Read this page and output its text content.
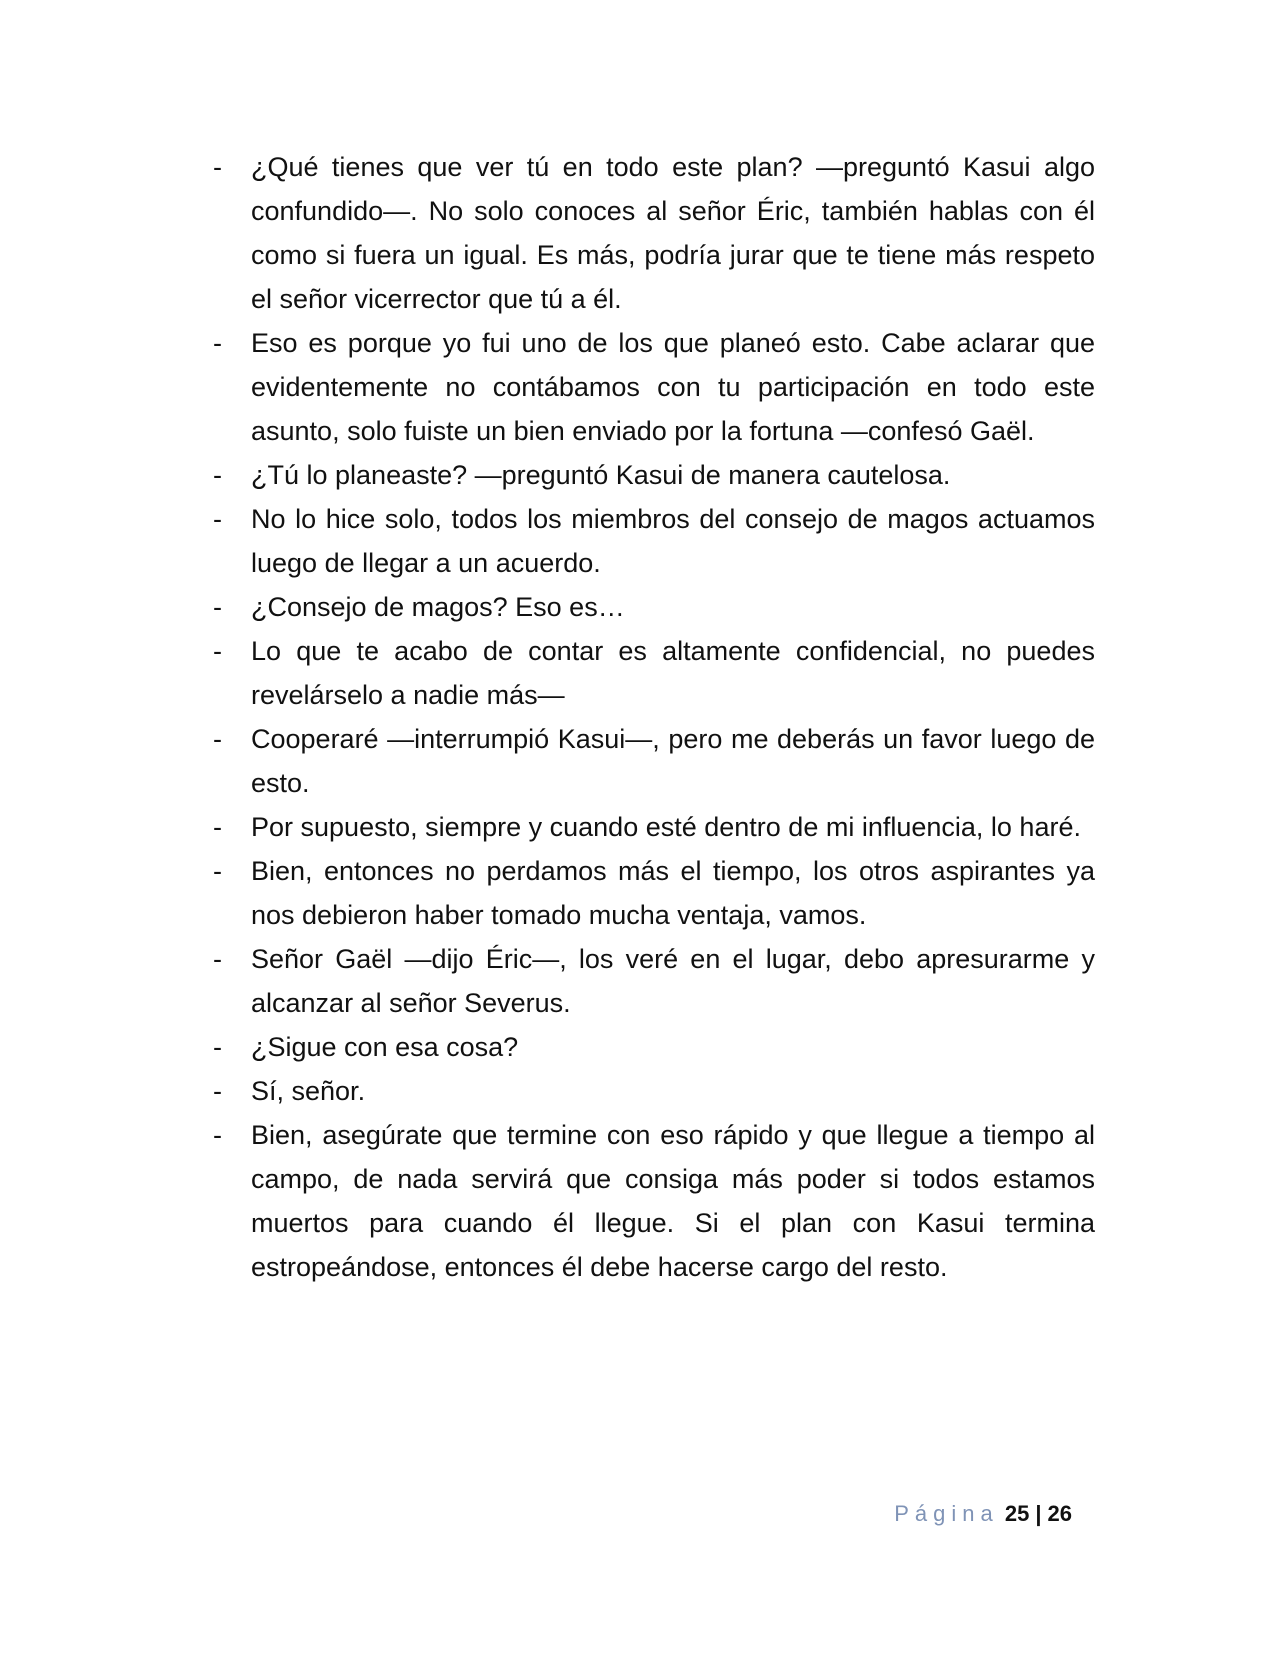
-	¿Qué tienes que ver tú en todo este plan? —preguntó Kasui algo confundido—. No solo conoces al señor Éric, también hablas con él como si fuera un igual. Es más, podría jurar que te tiene más respeto el señor vicerrector que tú a él.
-	Eso es porque yo fui uno de los que planeó esto. Cabe aclarar que evidentemente no contábamos con tu participación en todo este asunto, solo fuiste un bien enviado por la fortuna —confesó Gaël.
-	¿Tú lo planeaste? —preguntó Kasui de manera cautelosa.
-	No lo hice solo, todos los miembros del consejo de magos actuamos luego de llegar a un acuerdo.
-	¿Consejo de magos? Eso es…
-	Lo que te acabo de contar es altamente confidencial, no puedes revelárselo a nadie más—
-	Cooperaré —interrumpió Kasui—, pero me deberás un favor luego de esto.
-	Por supuesto, siempre y cuando esté dentro de mi influencia, lo haré.
-	Bien, entonces no perdamos más el tiempo, los otros aspirantes ya nos debieron haber tomado mucha ventaja, vamos.
-	Señor Gaël —dijo Éric—, los veré en el lugar, debo apresurarme y alcanzar al señor Severus.
-	¿Sigue con esa cosa?
-	Sí, señor.
-	Bien, asegúrate que termine con eso rápido y que llegue a tiempo al campo, de nada servirá que consiga más poder si todos estamos muertos para cuando él llegue. Si el plan con Kasui termina estropeándose, entonces él debe hacerse cargo del resto.
Página 25 | 26
